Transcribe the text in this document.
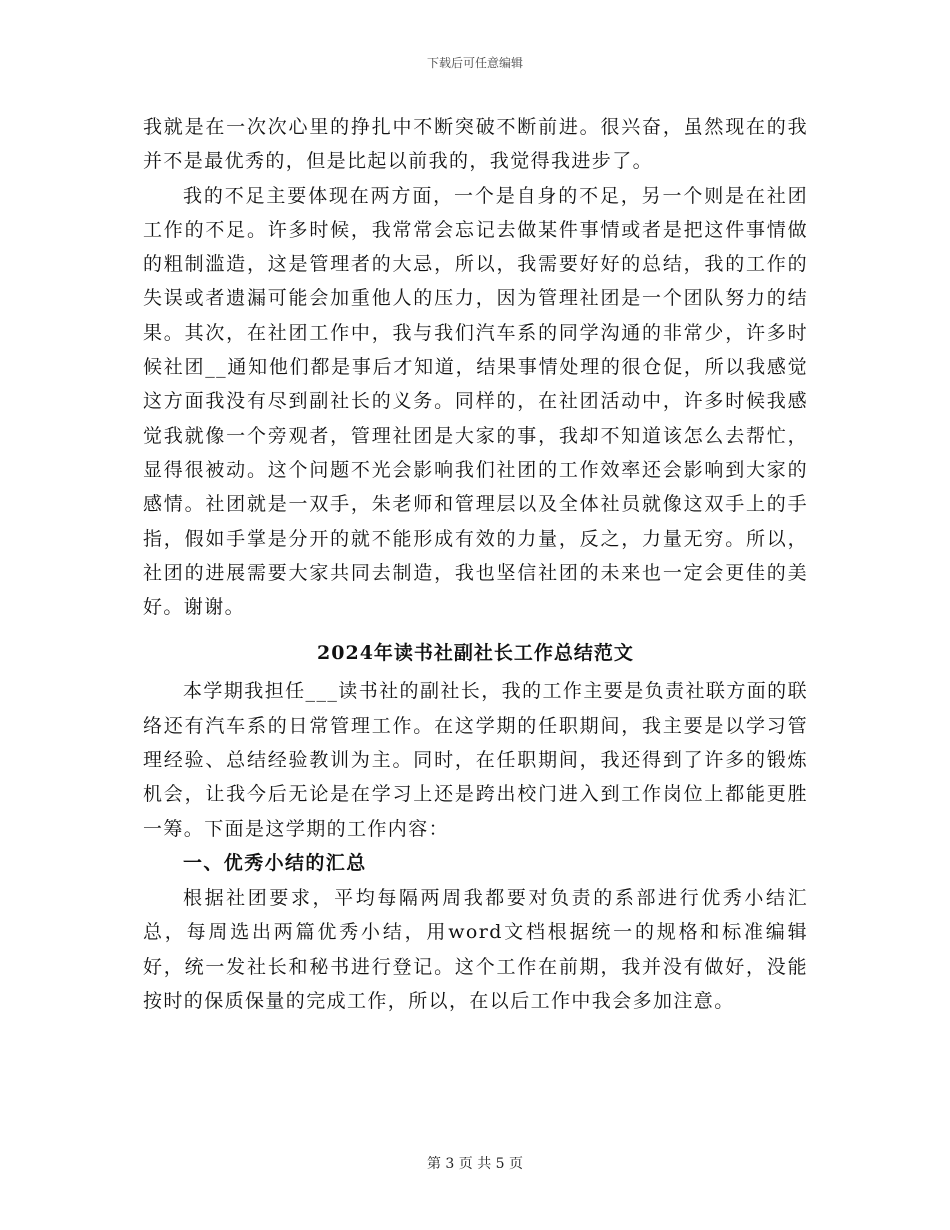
下载后可任意编辑

我就是在一次次心里的挣扎中不断突破不断前进。很兴奋，虽然现在的我并不是最优秀的，但是比起以前我的，我觉得我进步了。

我的不足主要体现在两方面，一个是自身的不足，另一个则是在社团工作的不足。许多时候，我常常会忘记去做某件事情或者是把这件事情做的粗制滥造，这是管理者的大忌，所以，我需要好好的总结，我的工作的失误或者遗漏可能会加重他人的压力，因为管理社团是一个团队努力的结果。其次，在社团工作中，我与我们汽车系的同学沟通的非常少，许多时候社团__通知他们都是事后才知道，结果事情处理的很仓促，所以我感觉这方面我没有尽到副社长的义务。同样的，在社团活动中，许多时候我感觉我就像一个旁观者，管理社团是大家的事，我却不知道该怎么去帮忙，显得很被动。这个问题不光会影响我们社团的工作效率还会影响到大家的感情。社团就是一双手，朱老师和管理层以及全体社员就像这双手上的手指，假如手掌是分开的就不能形成有效的力量，反之，力量无穷。所以，社团的进展需要大家共同去制造，我也坚信社团的未来也一定会更佳的美好。谢谢。

2024年读书社副社长工作总结范文

本学期我担任___读书社的副社长，我的工作主要是负责社联方面的联络还有汽车系的日常管理工作。在这学期的任职期间，我主要是以学习管理经验、总结经验教训为主。同时，在任职期间，我还得到了许多的锻炼机会，让我今后无论是在学习上还是跨出校门进入到工作岗位上都能更胜一筹。下面是这学期的工作内容：

一、优秀小结的汇总

根据社团要求，平均每隔两周我都要对负责的系部进行优秀小结汇总，每周选出两篇优秀小结，用word文档根据统一的规格和标准编辑好，统一发社长和秘书进行登记。这个工作在前期，我并没有做好，没能按时的保质保量的完成工作，所以，在以后工作中我会多加注意。

第 3 页 共 5 页
